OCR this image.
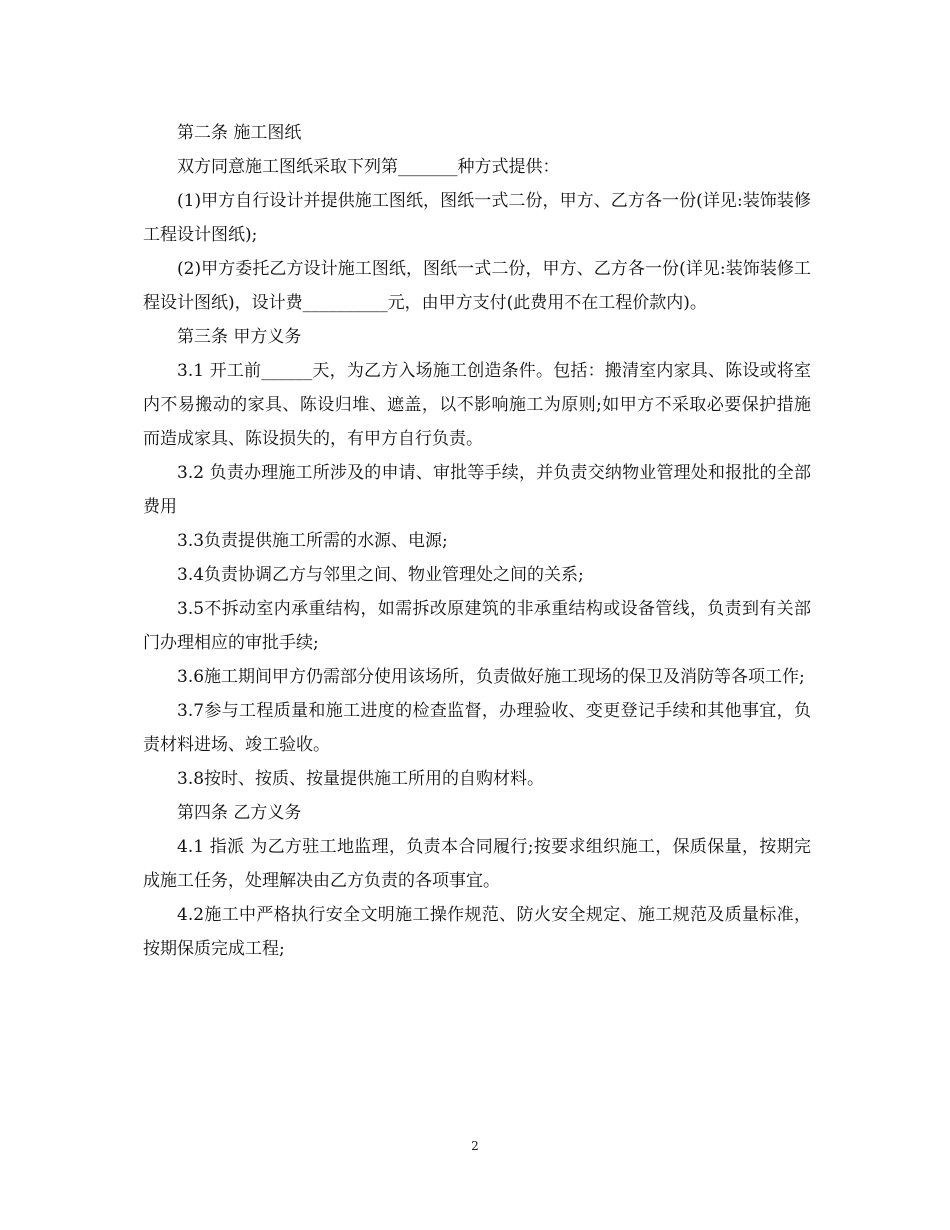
第二条 施工图纸

双方同意施工图纸采取下列第_______种方式提供：

(1)甲方自行设计并提供施工图纸，图纸一式二份，甲方、乙方各一份(详见:装饰装修工程设计图纸);

(2)甲方委托乙方设计施工图纸，图纸一式二份，甲方、乙方各一份(详见:装饰装修工程设计图纸)，设计费__________元，由甲方支付(此费用不在工程价款内)。

第三条 甲方义务

3.1 开工前______天，为乙方入场施工创造条件。包括：搬清室内家具、陈设或将室内不易搬动的家具、陈设归堆、遮盖，以不影响施工为原则;如甲方不采取必要保护措施而造成家具、陈设损失的，有甲方自行负责。

3.2 负责办理施工所涉及的申请、审批等手续，并负责交纳物业管理处和报批的全部费用

3.3负责提供施工所需的水源、电源;

3.4负责协调乙方与邻里之间、物业管理处之间的关系;

3.5不拆动室内承重结构，如需拆改原建筑的非承重结构或设备管线，负责到有关部门办理相应的审批手续;

3.6施工期间甲方仍需部分使用该场所，负责做好施工现场的保卫及消防等各项工作;

3.7参与工程质量和施工进度的检查监督，办理验收、变更登记手续和其他事宜，负责材料进场、竣工验收。

3.8按时、按质、按量提供施工所用的自购材料。

第四条 乙方义务

4.1 指派 为乙方驻工地监理，负责本合同履行;按要求组织施工，保质保量，按期完成施工任务，处理解决由乙方负责的各项事宜。

4.2施工中严格执行安全文明施工操作规范、防火安全规定、施工规范及质量标准，按期保质完成工程;

2
